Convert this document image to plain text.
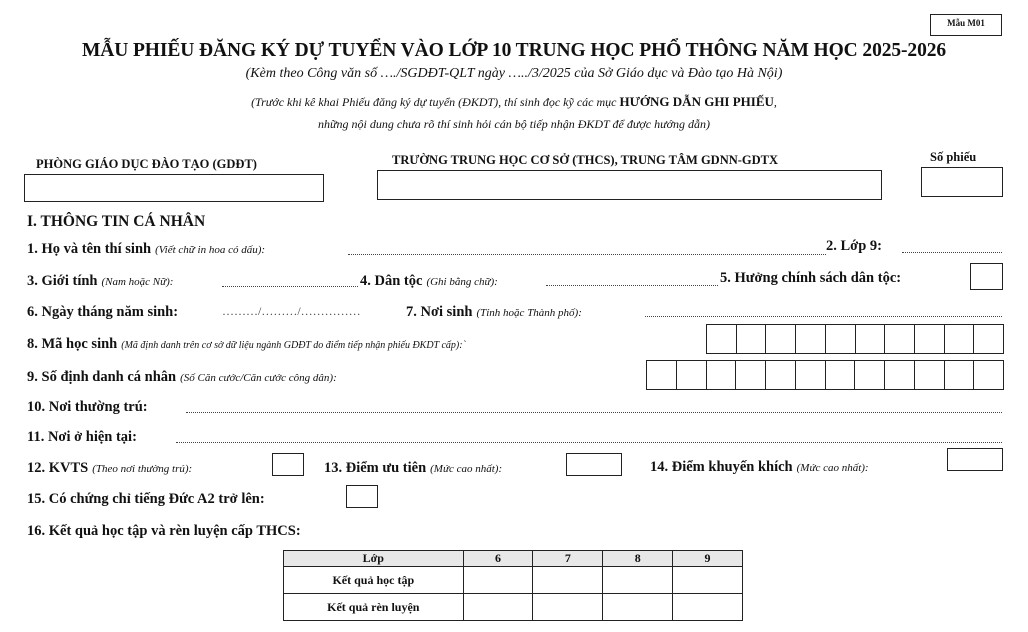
Mẫu M01
MẪU PHIẾU ĐĂNG KÝ DỰ TUYỂN VÀO LỚP 10 TRUNG HỌC PHỔ THÔNG NĂM HỌC 2025-2026
(Kèm theo Công văn số …./SGDĐT-QLT ngày …../3/2025 của Sở Giáo dục và Đào tạo Hà Nội)
(Trước khi kê khai Phiếu đăng ký dự tuyển (ĐKDT), thí sinh đọc kỹ các mục HƯỚNG DẪN GHI PHIẾU,
những nội dung chưa rõ thí sinh hỏi cán bộ tiếp nhận ĐKDT để được hướng dẫn)
PHÒNG GIÁO DỤC ĐÀO TẠO (GDĐT)	TRƯỜNG TRUNG HỌC CƠ SỞ (THCS), TRUNG TÂM GDNN-GDTX	Số phiếu
I. THÔNG TIN CÁ NHÂN
1. Họ và tên thí sinh (Viết chữ in hoa có dấu):	2. Lớp 9:
3. Giới tính (Nam hoặc Nữ):	4. Dân tộc (Ghi bằng chữ):	5. Hưởng chính sách dân tộc:
6. Ngày tháng năm sinh:	………/………/……………	7. Nơi sinh (Tỉnh hoặc Thành phố):
8. Mã học sinh (Mã định danh trên cơ sở dữ liệu ngành GDĐT do điểm tiếp nhận phiếu ĐKDT cấp):`
9. Số định danh cá nhân (Số Căn cước/Căn cước công dân):
10. Nơi thường trú:
11. Nơi ở hiện tại:
12. KVTS (Theo nơi thường trú):	13. Điểm ưu tiên (Mức cao nhất):	14. Điểm khuyến khích (Mức cao nhất):
15. Có chứng chỉ tiếng Đức A2 trở lên:
16. Kết quả học tập và rèn luyện cấp THCS:
Lớp	6	7	8	9
Kết quả học tập				
Kết quả rèn luyện				
